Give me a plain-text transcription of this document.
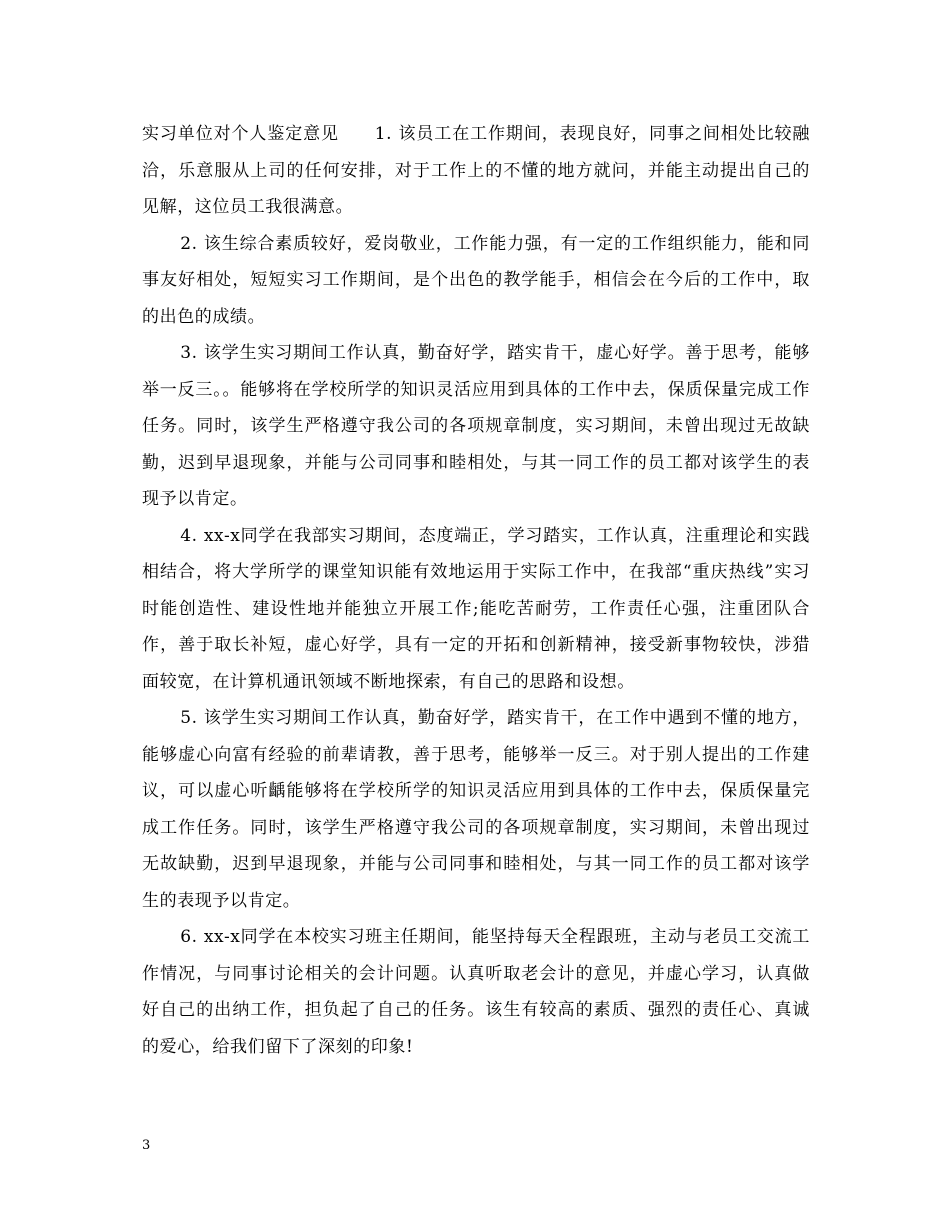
实习单位对个人鉴定意见　　1. 该员工在工作期间，表现良好，同事之间相处比较融洽，乐意服从上司的任何安排，对于工作上的不懂的地方就问，并能主动提出自己的见解，这位员工我很满意。

2. 该生综合素质较好，爱岗敬业，工作能力强，有一定的工作组织能力，能和同事友好相处，短短实习工作期间，是个出色的教学能手，相信会在今后的工作中，取的出色的成绩。

3. 该学生实习期间工作认真，勤奋好学，踏实肯干，虚心好学。善于思考，能够举一反三。。能够将在学校所学的知识灵活应用到具体的工作中去，保质保量完成工作任务。同时，该学生严格遵守我公司的各项规章制度，实习期间，未曾出现过无故缺勤，迟到早退现象，并能与公司同事和睦相处，与其一同工作的员工都对该学生的表现予以肯定。

4. xx-x同学在我部实习期间，态度端正，学习踏实，工作认真，注重理论和实践相结合，将大学所学的课堂知识能有效地运用于实际工作中，在我部“重庆热线”实习时能创造性、建设性地并能独立开展工作;能吃苦耐劳，工作责任心强，注重团队合作，善于取长补短，虚心好学，具有一定的开拓和创新精神，接受新事物较快，涉猎面较宽，在计算机通讯领域不断地探索，有自己的思路和设想。

5. 该学生实习期间工作认真，勤奋好学，踏实肯干，在工作中遇到不懂的地方，能够虚心向富有经验的前辈请教，善于思考，能够举一反三。对于别人提出的工作建议，可以虚心听齲能够将在学校所学的知识灵活应用到具体的工作中去，保质保量完成工作任务。同时，该学生严格遵守我公司的各项规章制度，实习期间，未曾出现过无故缺勤，迟到早退现象，并能与公司同事和睦相处，与其一同工作的员工都对该学生的表现予以肯定。

6. xx-x同学在本校实习班主任期间，能坚持每天全程跟班，主动与老员工交流工作情况，与同事讨论相关的会计问题。认真听取老会计的意见，并虚心学习，认真做好自己的出纳工作，担负起了自己的任务。该生有较高的素质、强烈的责任心、真诚的爱心，给我们留下了深刻的印象!

3
